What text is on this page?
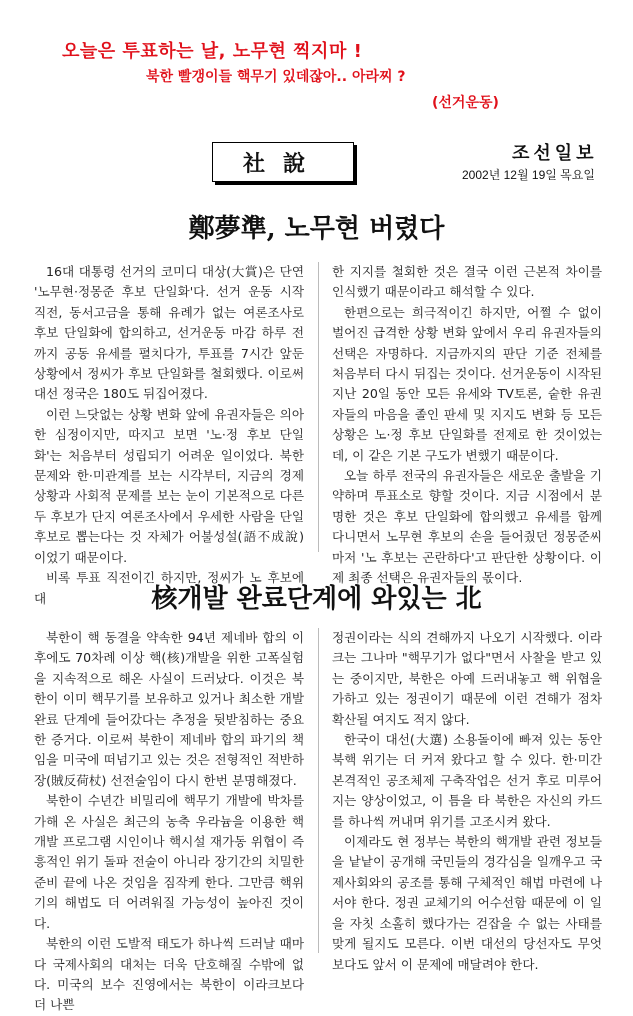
오늘은 투표하는 날, 노무현 찍지마 !
북한 빨갱이들 핵무기 있데잖아.. 아라찌 ?
(선거운동)
社說	조선일보
2002년 12월 19일 목요일
鄭夢準, 노무현 버렸다

16대 대통령 선거의 코미디 대상(大賞)은 단연 '노무현·정몽준 후보 단일화'다. 선거 운동 시작 직전, 동서고금을 통해 유례가 없는 여론조사로 후보 단일화에 합의하고, 선거운동 마감 하루 전까지 공동 유세를 펼치다가, 투표를 7시간 앞둔 상황에서 정씨가 후보 단일화를 철회했다. 이로써 대선 정국은 180도 뒤집어졌다.

이런 느닷없는 상황 변화 앞에 유권자들은 의아한 심정이지만, 따지고 보면 '노·정 후보 단일화'는 처음부터 성립되기 어려운 일이었다. 북한 문제와 한·미관계를 보는 시각부터, 지금의 경제상황과 사회적 문제를 보는 눈이 기본적으로 다른 두 후보가 단지 여론조사에서 우세한 사람을 단일후보로 뽑는다는 것 자체가 어불성설(語不成說)이었기 때문이다.

비록 투표 직전이긴 하지만, 정씨가 노 후보에 대

한 지지를 철회한 것은 결국 이런 근본적 차이를 인식했기 때문이라고 해석할 수 있다.

한편으로는 희극적이긴 하지만, 어쩔 수 없이 벌어진 급격한 상황 변화 앞에서 우리 유권자들의 선택은 자명하다. 지금까지의 판단 기준 전체를 처음부터 다시 뒤집는 것이다. 선거운동이 시작된 지난 20일 동안 모든 유세와 TV토론, 숱한 유권자들의 마음을 졸인 판세 및 지지도 변화 등 모든 상황은 노·정 후보 단일화를 전제로 한 것이었는데, 이 같은 기본 구도가 변했기 때문이다.

오늘 하루 전국의 유권자들은 새로운 출발을 기약하며 투표소로 향할 것이다. 지금 시점에서 분명한 것은 후보 단일화에 합의했고 유세를 함께 다니면서 노무현 후보의 손을 들어줬던 정몽준씨마저 '노 후보는 곤란하다'고 판단한 상황이다. 이제 최종 선택은 유권자들의 몫이다.

核개발 완료단계에 와있는 北

북한이 핵 동결을 약속한 94년 제네바 합의 이후에도 70차례 이상 핵(核)개발을 위한 고폭실험을 지속적으로 해온 사실이 드러났다. 이것은 북한이 이미 핵무기를 보유하고 있거나 최소한 개발 완료 단계에 들어갔다는 추정을 뒷받침하는 중요한 증거다. 이로써 북한이 제네바 합의 파기의 책임을 미국에 떠넘기고 있는 것은 전형적인 적반하장(賊反荷杖) 선전술임이 다시 한번 분명해졌다.

북한이 수년간 비밀리에 핵무기 개발에 박차를 가해 온 사실은 최근의 농축 우라늄을 이용한 핵개발 프로그램 시인이나 핵시설 재가동 위협이 즉흥적인 위기 돌파 전술이 아니라 장기간의 치밀한 준비 끝에 나온 것임을 짐작케 한다. 그만큼 핵위기의 해법도 더 어려워질 가능성이 높아진 것이다.

북한의 이런 도발적 태도가 하나씩 드러날 때마다 국제사회의 대처는 더욱 단호해질 수밖에 없다. 미국의 보수 진영에서는 북한이 이라크보다 더 나쁜

정권이라는 식의 견해까지 나오기 시작했다. 이라크는 그나마 "핵무기가 없다"면서 사찰을 받고 있는 중이지만, 북한은 아예 드러내놓고 핵 위협을 가하고 있는 정권이기 때문에 이런 견해가 점차 확산될 여지도 적지 않다.

한국이 대선(大選) 소용돌이에 빠져 있는 동안 북핵 위기는 더 커져 왔다고 할 수 있다. 한·미간 본격적인 공조체제 구축작업은 선거 후로 미루어지는 양상이었고, 이 틈을 타 북한은 자신의 카드를 하나씩 꺼내며 위기를 고조시켜 왔다.

이제라도 현 정부는 북한의 핵개발 관련 정보들을 낱낱이 공개해 국민들의 경각심을 일깨우고 국제사회와의 공조를 통해 구체적인 해법 마련에 나서야 한다. 정권 교체기의 어수선함 때문에 이 일을 자칫 소홀히 했다가는 걷잡을 수 없는 사태를 맞게 될지도 모른다. 이번 대선의 당선자도 무엇보다도 앞서 이 문제에 매달려야 한다.
